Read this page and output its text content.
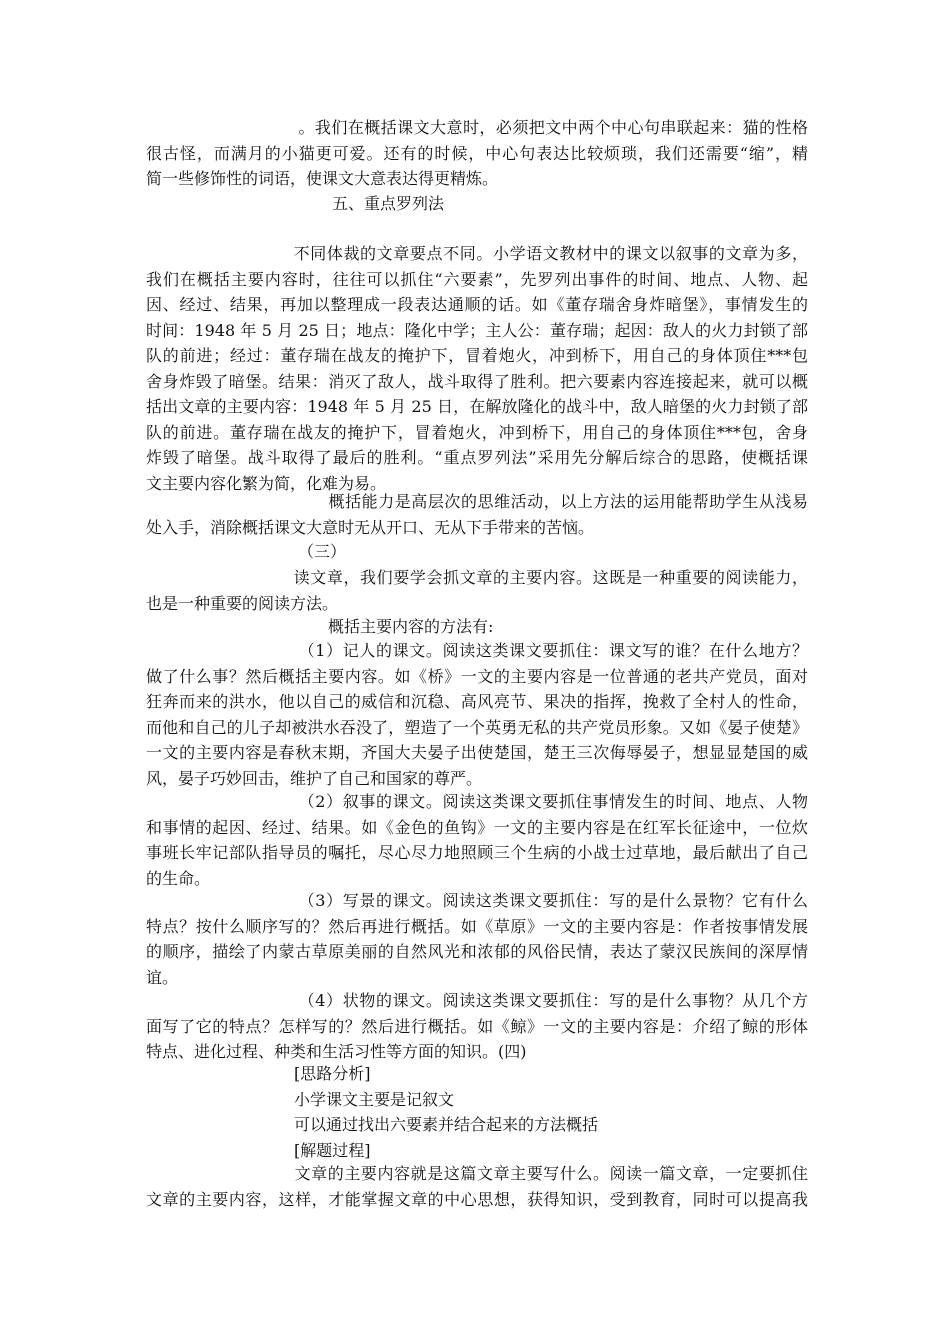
。我们在概括课文大意时，必须把文中两个中心句串联起来：猫的性格
很古怪，而满月的小猫更可爱。还有的时候，中心句表达比较烦琐，我们还需要“缩”，精
简一些修饰性的词语，使课文大意表达得更精炼。
五、重点罗列法
不同体裁的文章要点不同。小学语文教材中的课文以叙事的文章为多，
我们在概括主要内容时，往往可以抓住“六要素”，先罗列出事件的时间、地点、人物、起
因、经过、结果，再加以整理成一段表达通顺的话。如《董存瑞舍身炸暗堡》，事情发生的
时间：1948 年 5 月 25 日；地点：隆化中学；主人公：董存瑞；起因：敌人的火力封锁了部
队的前进；经过：董存瑞在战友的掩护下，冒着炮火，冲到桥下，用自己的身体顶住***包
舍身炸毁了暗堡。结果：消灭了敌人，战斗取得了胜利。把六要素内容连接起来，就可以概
括出文章的主要内容：1948 年 5 月 25 日，在解放隆化的战斗中，敌人暗堡的火力封锁了部
队的前进。董存瑞在战友的掩护下，冒着炮火，冲到桥下，用自己的身体顶住***包，舍身
炸毁了暗堡。战斗取得了最后的胜利。“重点罗列法”采用先分解后综合的思路，使概括课
文主要内容化繁为简，化难为易。
概括能力是高层次的思维活动，以上方法的运用能帮助学生从浅易
处入手，消除概括课文大意时无从开口、无从下手带来的苦恼。
（三）
读文章，我们要学会抓文章的主要内容。这既是一种重要的阅读能力，
也是一种重要的阅读方法。
概括主要内容的方法有:
（1）记人的课文。阅读这类课文要抓住：课文写的谁？在什么地方？
做了什么事？然后概括主要内容。如《桥》一文的主要内容是一位普通的老共产党员，面对
狂奔而来的洪水，他以自己的威信和沉稳、高风亮节、果决的指挥，挽救了全村人的性命，
而他和自己的儿子却被洪水吞没了，塑造了一个英勇无私的共产党员形象。又如《晏子使楚》
一文的主要内容是春秋末期，齐国大夫晏子出使楚国，楚王三次侮辱晏子，想显显楚国的威
风，晏子巧妙回击，维护了自己和国家的尊严。
（2）叙事的课文。阅读这类课文要抓住事情发生的时间、地点、人物
和事情的起因、经过、结果。如《金色的鱼钩》一文的主要内容是在红军长征途中，一位炊
事班长牢记部队指导员的嘱托，尽心尽力地照顾三个生病的小战士过草地，最后献出了自己
的生命。
（3）写景的课文。阅读这类课文要抓住：写的是什么景物？它有什么
特点？按什么顺序写的？然后再进行概括。如《草原》一文的主要内容是：作者按事情发展
的顺序，描绘了内蒙古草原美丽的自然风光和浓郁的风俗民情，表达了蒙汉民族间的深厚情
谊。
（4）状物的课文。阅读这类课文要抓住：写的是什么事物？从几个方
面写了它的特点？怎样写的？然后进行概括。如《鲸》一文的主要内容是：介绍了鲸的形体
特点、进化过程、种类和生活习性等方面的知识。(四)
[思路分析]
小学课文主要是记叙文
可以通过找出六要素并结合起来的方法概括
[解题过程]
文章的主要内容就是这篇文章主要写什么。阅读一篇文章，一定要抓住
文章的主要内容，这样，才能掌握文章的中心思想，获得知识，受到教育，同时可以提高我
